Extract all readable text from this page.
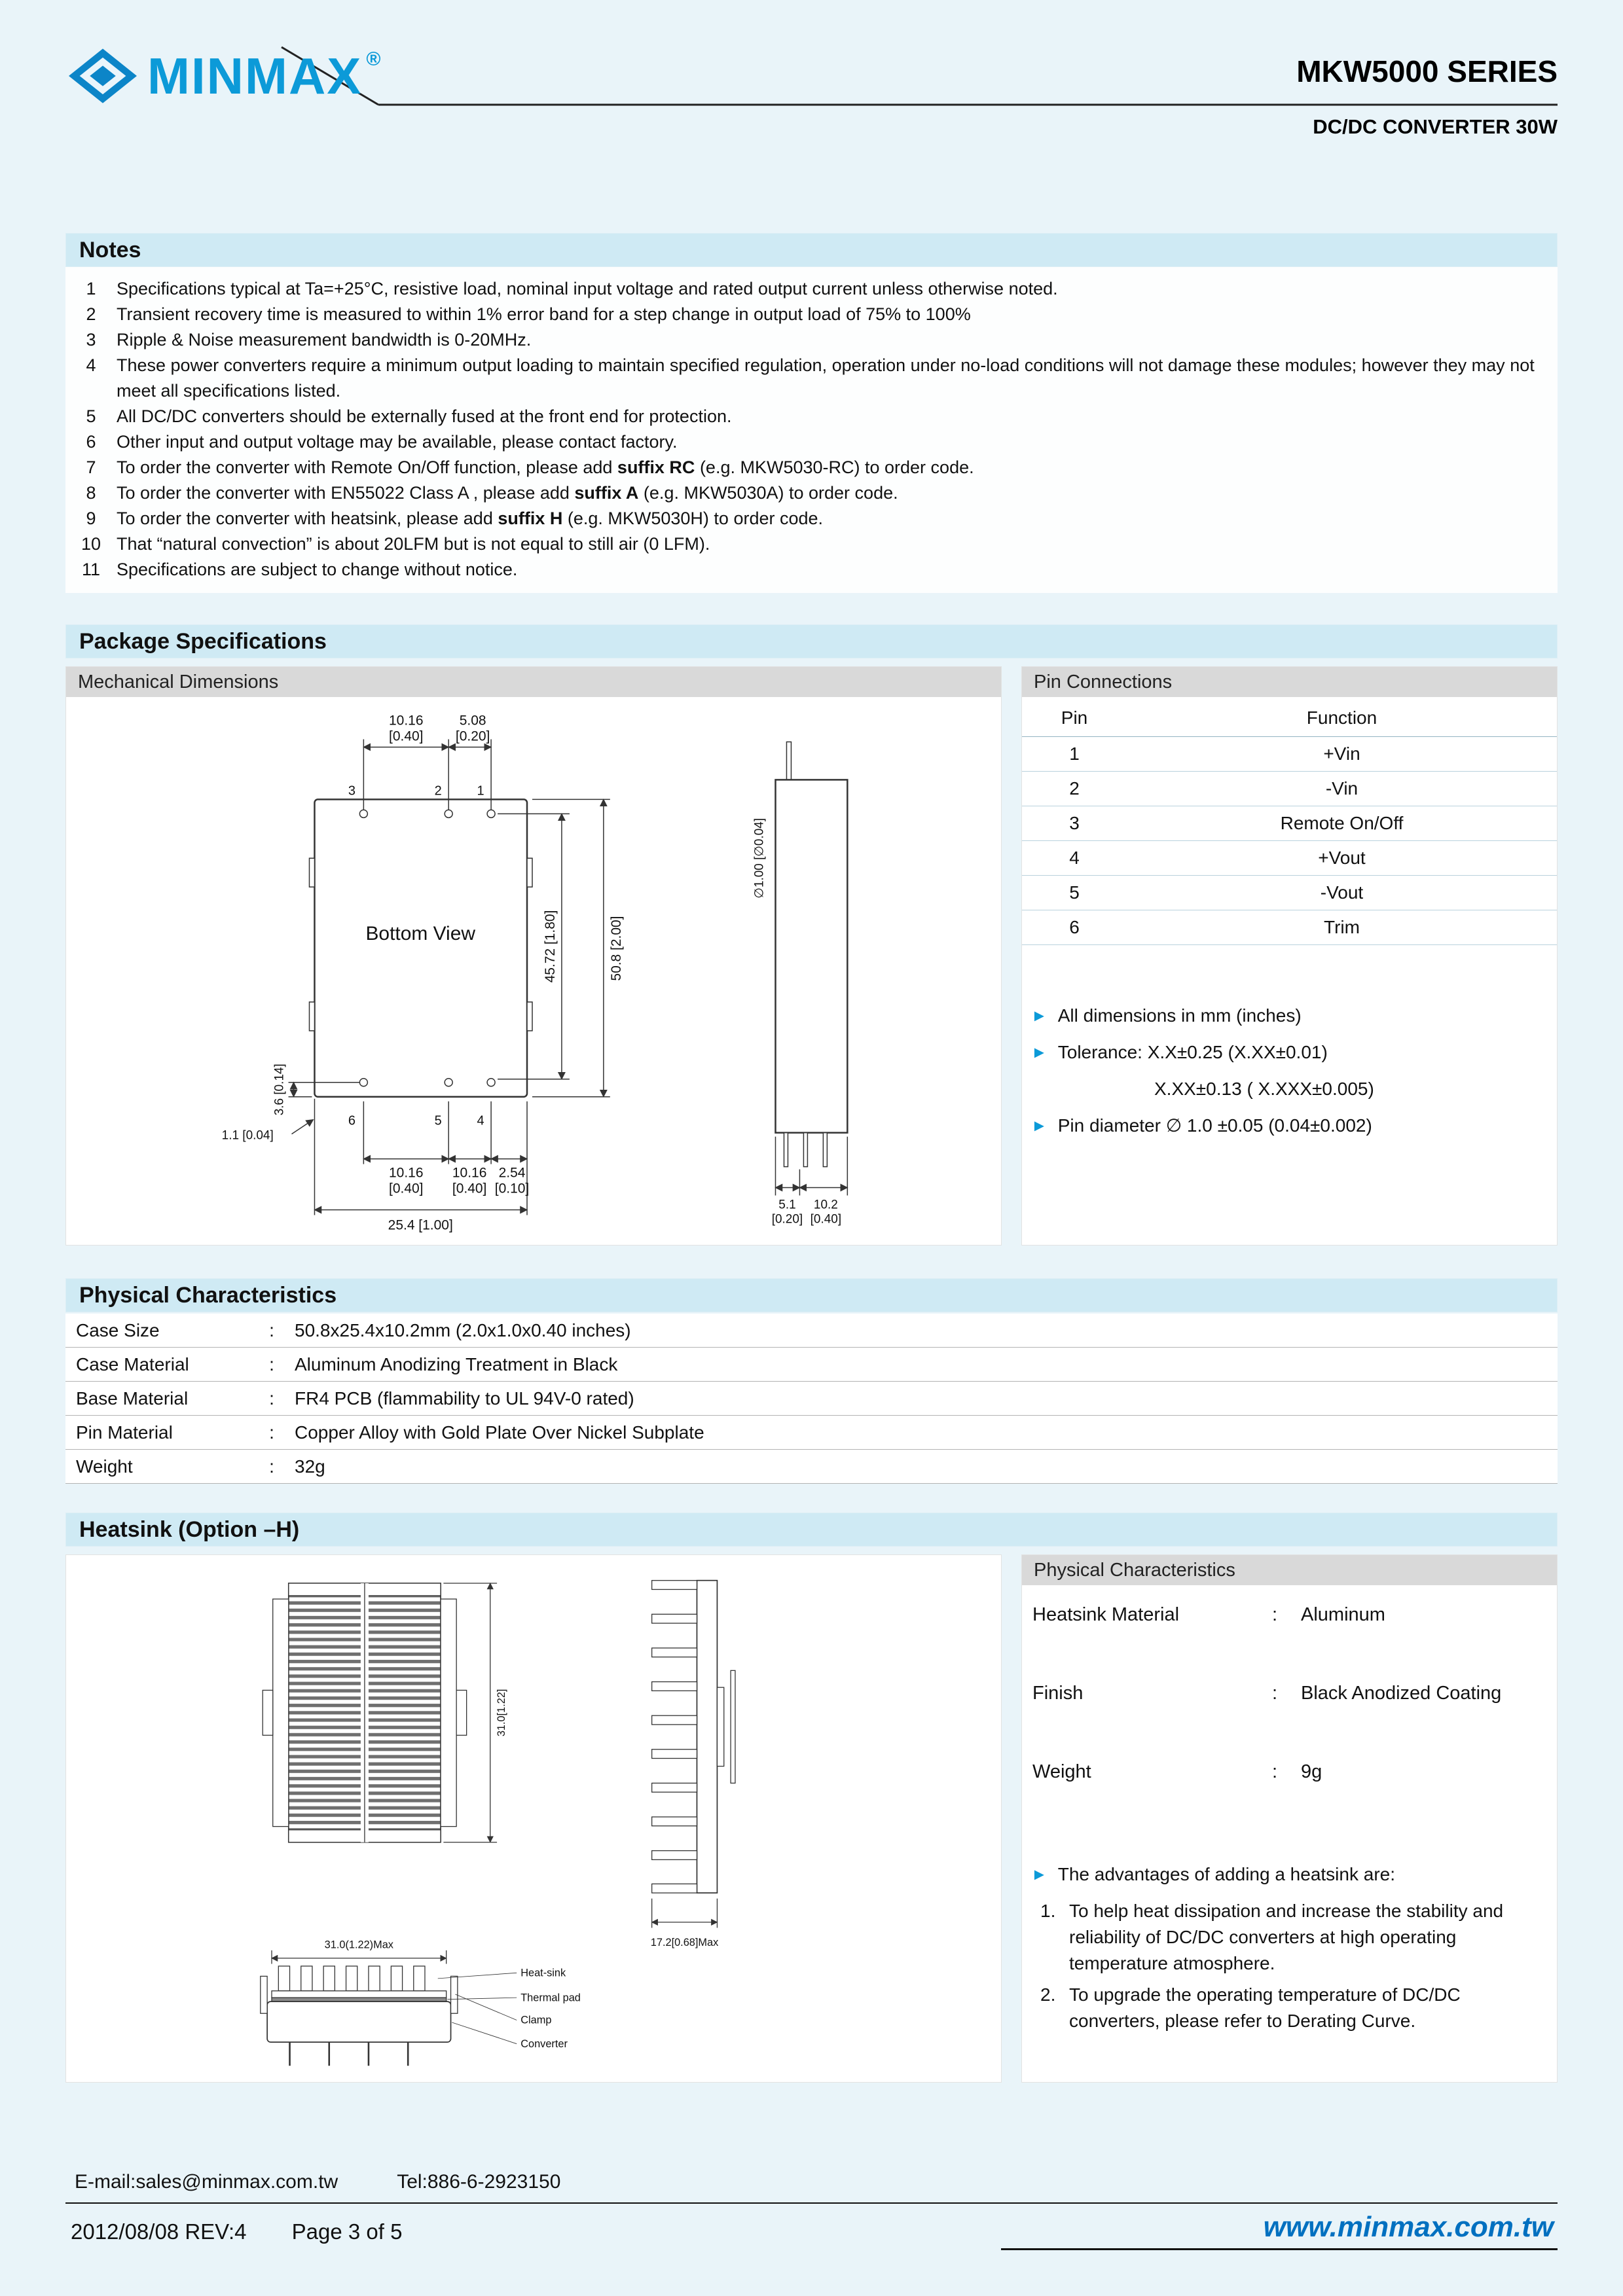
MINMAX ®	MKW5000 SERIES
DC/DC CONVERTER 30W
Notes
1	Specifications typical at Ta=+25°C, resistive load, nominal input voltage and rated output current unless otherwise noted.
2	Transient recovery time is measured to within 1% error band for a step change in output load of 75% to 100%
3	Ripple & Noise measurement bandwidth is 0-20MHz.
4	These power converters require a minimum output loading to maintain specified regulation, operation under no-load conditions will not damage these modules; however they may not meet all specifications listed.
5	All DC/DC converters should be externally fused at the front end for protection.
6	Other input and output voltage may be available, please contact factory.
7	To order the converter with Remote On/Off function, please add suffix RC (e.g. MKW5030-RC) to order code.
8	To order the converter with EN55022 Class A , please add suffix A (e.g. MKW5030A) to order code.
9	To order the converter with heatsink, please add suffix H (e.g. MKW5030H) to order code.
10 That “natural convection” is about 20LFM but is not equal to still air (0 LFM).
11 Specifications are subject to change without notice.
Package Specifications
Mechanical Dimensions
10.16
[0.40]
5.08
[0.20]
3	2	1
6	5	4
Bottom View	45.72 [1.80]	50.8 [2.00]
3.6 [0.14]
1.1 [0.04]
10.16
[0.40]
10.16
[0.40]
2.54
[0.10]
25.4 [1.00]
∅1.00 [∅0.04]
5.1
[0.20]
10.2
[0.40]
Pin Connections
Pin	Function
1	+Vin
2	-Vin
3	Remote On/Off
4	+Vout
5	-Vout
6	Trim
► All dimensions in mm (inches)
► Tolerance: X.X±0.25 (X.XX±0.01)
X.XX±0.13 ( X.XXX±0.005)
► Pin diameter ∅ 1.0 ±0.05 (0.04±0.002)
Physical Characteristics
Case Size	:	50.8x25.4x10.2mm (2.0x1.0x0.40 inches)
Case Material	:	Aluminum Anodizing Treatment in Black
Base Material	:	FR4 PCB (flammability to UL 94V-0 rated)
Pin Material	:	Copper Alloy with Gold Plate Over Nickel Subplate
Weight	:	32g
Heatsink (Option –H)
31.0[1.22]
17.2[0.68]Max
31.0(1.22)Max
Heat-sink
Thermal pad
Clamp
Converter
Physical Characteristics
Heatsink Material	:	Aluminum
Finish	:	Black Anodized Coating
Weight	:	9g
► The advantages of adding a heatsink are:
1. To help heat dissipation and increase the stability and reliability of DC/DC converters at high operating temperature atmosphere.
2. To upgrade the operating temperature of DC/DC converters, please refer to Derating Curve.
E-mail:sales@minmax.com.tw	Tel:886-6-2923150
2012/08/08 REV:4 Page 3 of 5	www.minmax.com.tw
